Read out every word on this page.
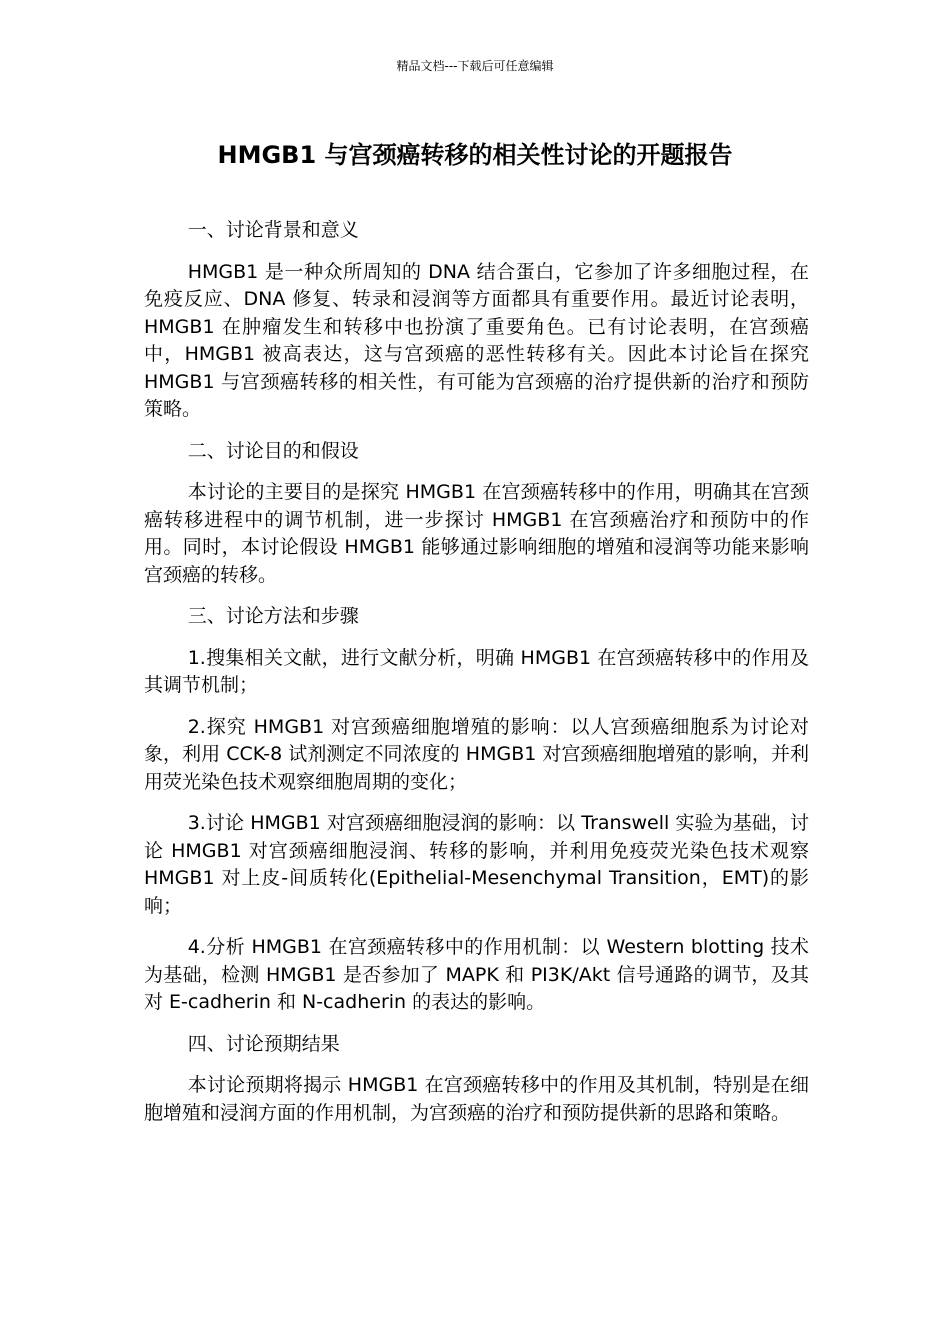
精品文档---下载后可任意编辑
HMGB1 与宫颈癌转移的相关性讨论的开题报告

一、讨论背景和意义

HMGB1 是一种众所周知的 DNA 结合蛋白，它参加了许多细胞过程，在免疫反应、DNA 修复、转录和浸润等方面都具有重要作用。最近讨论表明，HMGB1 在肿瘤发生和转移中也扮演了重要角色。已有讨论表明，在宫颈癌中，HMGB1 被高表达，这与宫颈癌的恶性转移有关。因此本讨论旨在探究 HMGB1 与宫颈癌转移的相关性，有可能为宫颈癌的治疗提供新的治疗和预防策略。

二、讨论目的和假设

本讨论的主要目的是探究 HMGB1 在宫颈癌转移中的作用，明确其在宫颈癌转移进程中的调节机制，进一步探讨 HMGB1 在宫颈癌治疗和预防中的作用。同时，本讨论假设 HMGB1 能够通过影响细胞的增殖和浸润等功能来影响宫颈癌的转移。

三、讨论方法和步骤

1.搜集相关文献，进行文献分析，明确 HMGB1 在宫颈癌转移中的作用及其调节机制；

2.探究 HMGB1 对宫颈癌细胞增殖的影响：以人宫颈癌细胞系为讨论对象，利用 CCK-8 试剂测定不同浓度的 HMGB1 对宫颈癌细胞增殖的影响，并利用荧光染色技术观察细胞周期的变化；

3.讨论 HMGB1 对宫颈癌细胞浸润的影响：以 Transwell 实验为基础，讨论 HMGB1 对宫颈癌细胞浸润、转移的影响，并利用免疫荧光染色技术观察 HMGB1 对上皮-间质转化(Epithelial-Mesenchymal Transition，EMT)的影响；

4.分析 HMGB1 在宫颈癌转移中的作用机制：以 Western blotting 技术为基础，检测 HMGB1 是否参加了 MAPK 和 PI3K/Akt 信号通路的调节，及其对 E-cadherin 和 N-cadherin 的表达的影响。

四、讨论预期结果

本讨论预期将揭示 HMGB1 在宫颈癌转移中的作用及其机制，特别是在细胞增殖和浸润方面的作用机制，为宫颈癌的治疗和预防提供新的思路和策略。
